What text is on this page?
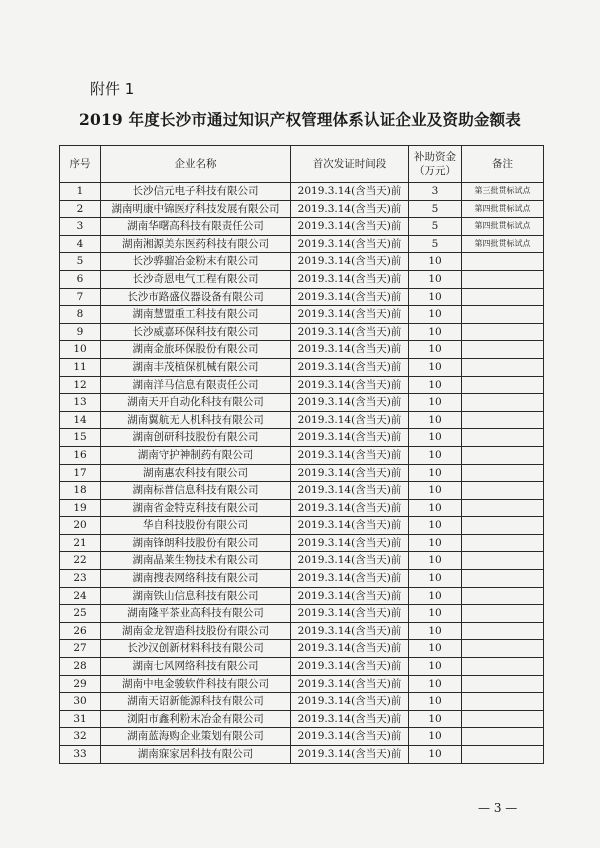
附件 1
2019 年度长沙市通过知识产权管理体系认证企业及资助金额表
序号	企业名称	首次发证时间段	补助资金（万元）	备注
1	长沙信元电子科技有限公司	2019.3.14(含当天)前	3	第三批贯标试点
2	湖南明康中锦医疗科技发展有限公司	2019.3.14(含当天)前	5	第四批贯标试点
3	湖南华曙高科技有限责任公司	2019.3.14(含当天)前	5	第四批贯标试点
4	湖南湘源美东医药科技有限公司	2019.3.14(含当天)前	5	第四批贯标试点
5	长沙骅骝冶金粉末有限公司	2019.3.14(含当天)前	10	
6	长沙奇恩电气工程有限公司	2019.3.14(含当天)前	10	
7	长沙市路盛仪器设备有限公司	2019.3.14(含当天)前	10	
8	湖南慧盟重工科技有限公司	2019.3.14(含当天)前	10	
9	长沙威嘉环保科技有限公司	2019.3.14(含当天)前	10	
10	湖南金旅环保股份有限公司	2019.3.14(含当天)前	10	
11	湖南丰茂植保机械有限公司	2019.3.14(含当天)前	10	
12	湖南洋马信息有限责任公司	2019.3.14(含当天)前	10	
13	湖南天开自动化科技有限公司	2019.3.14(含当天)前	10	
14	湖南翼航无人机科技有限公司	2019.3.14(含当天)前	10	
15	湖南创研科技股份有限公司	2019.3.14(含当天)前	10	
16	湖南守护神制药有限公司	2019.3.14(含当天)前	10	
17	湖南惠农科技有限公司	2019.3.14(含当天)前	10	
18	湖南标普信息科技有限公司	2019.3.14(含当天)前	10	
19	湖南省金特克科技有限公司	2019.3.14(含当天)前	10	
20	华自科技股份有限公司	2019.3.14(含当天)前	10	
21	湖南锋朗科技股份有限公司	2019.3.14(含当天)前	10	
22	湖南晶莱生物技术有限公司	2019.3.14(含当天)前	10	
23	湖南搜表网络科技有限公司	2019.3.14(含当天)前	10	
24	湖南铁山信息科技有限公司	2019.3.14(含当天)前	10	
25	湖南隆平茶业高科技有限公司	2019.3.14(含当天)前	10	
26	湖南金龙智造科技股份有限公司	2019.3.14(含当天)前	10	
27	长沙汉创新材料科技有限公司	2019.3.14(含当天)前	10	
28	湖南七风网络科技有限公司	2019.3.14(含当天)前	10	
29	湖南中电金骏软件科技有限公司	2019.3.14(含当天)前	10	
30	湖南天诏新能源科技有限公司	2019.3.14(含当天)前	10	
31	浏阳市鑫利粉末冶金有限公司	2019.3.14(含当天)前	10	
32	湖南蓝海购企业策划有限公司	2019.3.14(含当天)前	10	
33	湖南寐家居科技有限公司	2019.3.14(含当天)前	10	
— 3 —
